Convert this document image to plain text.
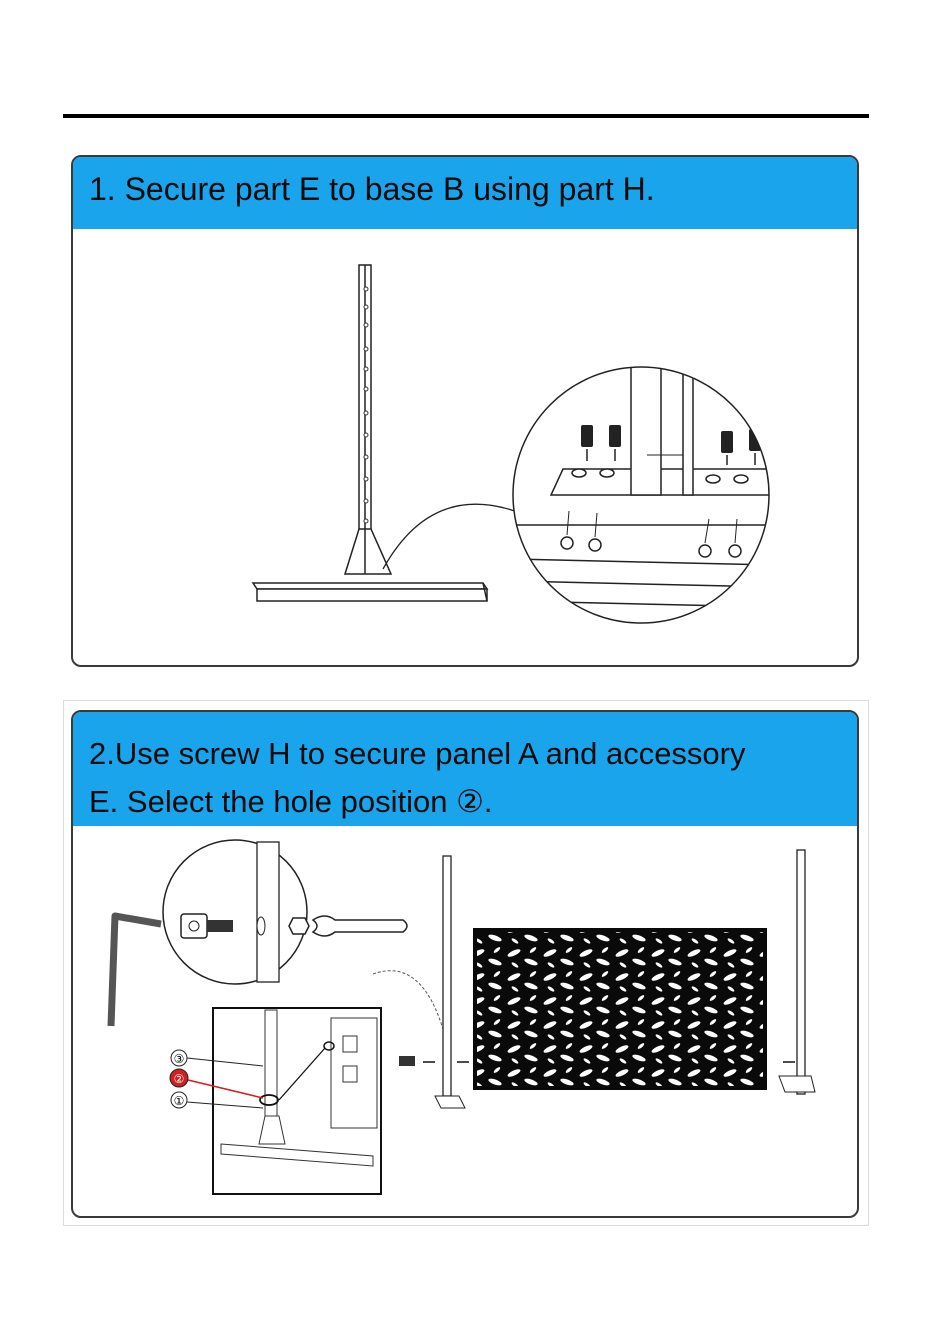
1. Secure part E to base B using part H.
2.Use screw H to secure panel A and accessory
E. Select the hole position ②.
③
②
①
